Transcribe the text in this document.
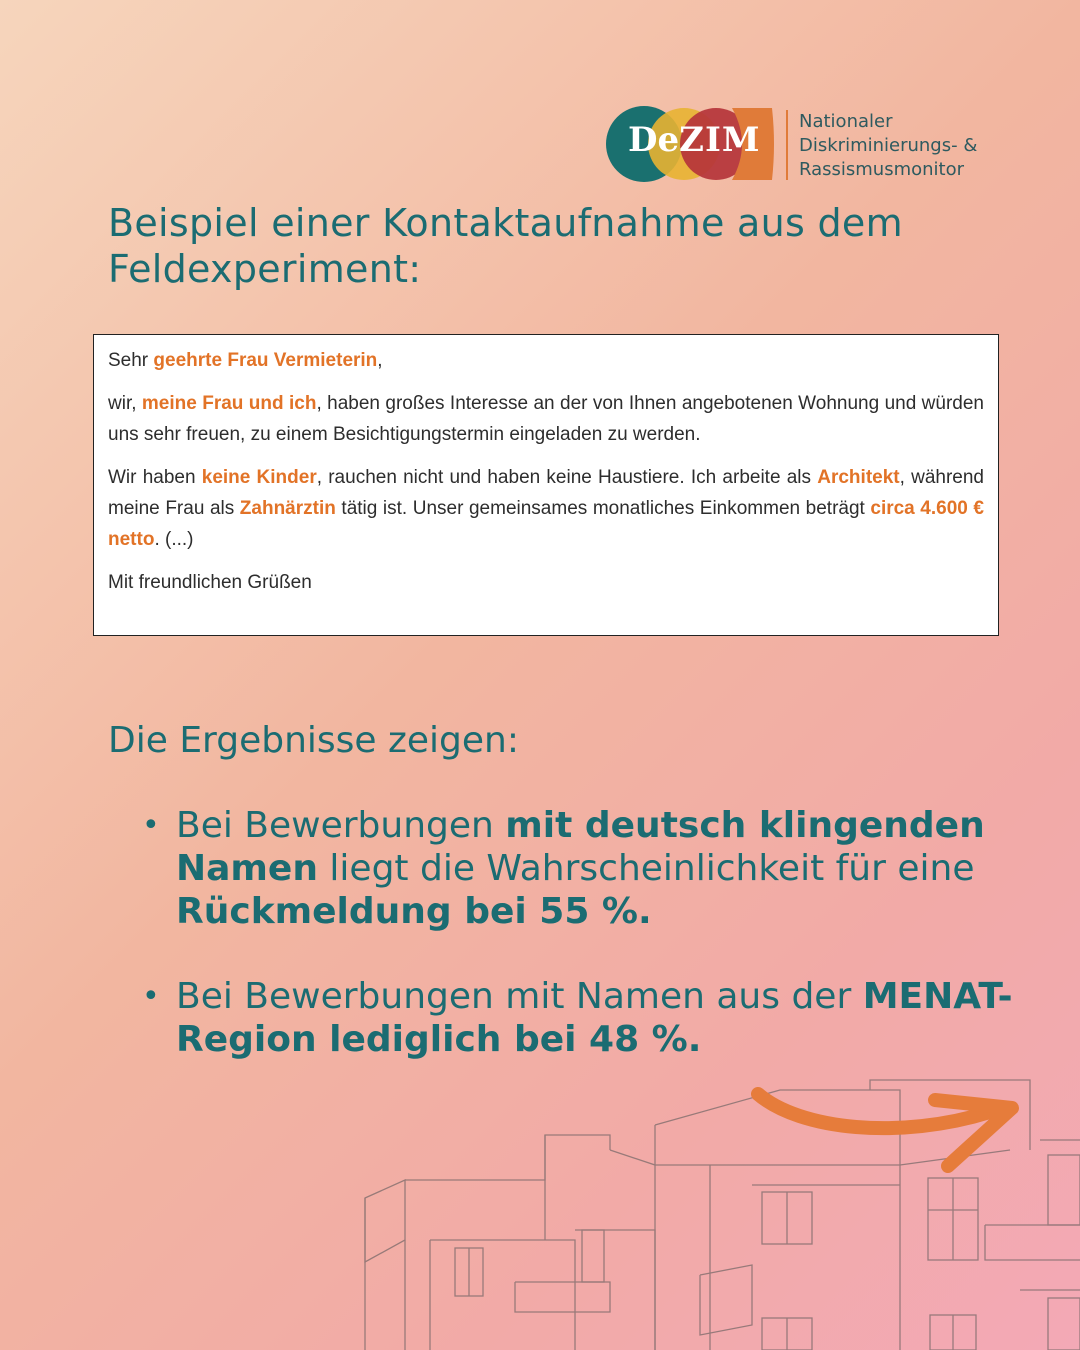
DeZIM Nationaler
Diskriminierungs- &
Rassismusmonitor
Beispiel einer Kontaktaufnahme aus dem
Feldexperiment:

Sehr geehrte Frau Vermieterin,

wir, meine Frau und ich, haben großes Interesse an der von Ihnen angebotenen Wohnung und würden uns sehr freuen, zu einem Besichtigungstermin eingeladen zu werden.

Wir haben keine Kinder, rauchen nicht und haben keine Haustiere. Ich arbeite als Architekt, während meine Frau als Zahnärztin tätig ist. Unser gemeinsames monatliches Einkommen beträgt circa 4.600 € netto. (...)

Mit freundlichen Grüßen

Die Ergebnisse zeigen:
• Bei Bewerbungen mit deutsch klingenden Namen liegt die Wahrscheinlichkeit für eine Rückmeldung bei 55 %.
• Bei Bewerbungen mit Namen aus der MENAT-Region lediglich bei 48 %.
